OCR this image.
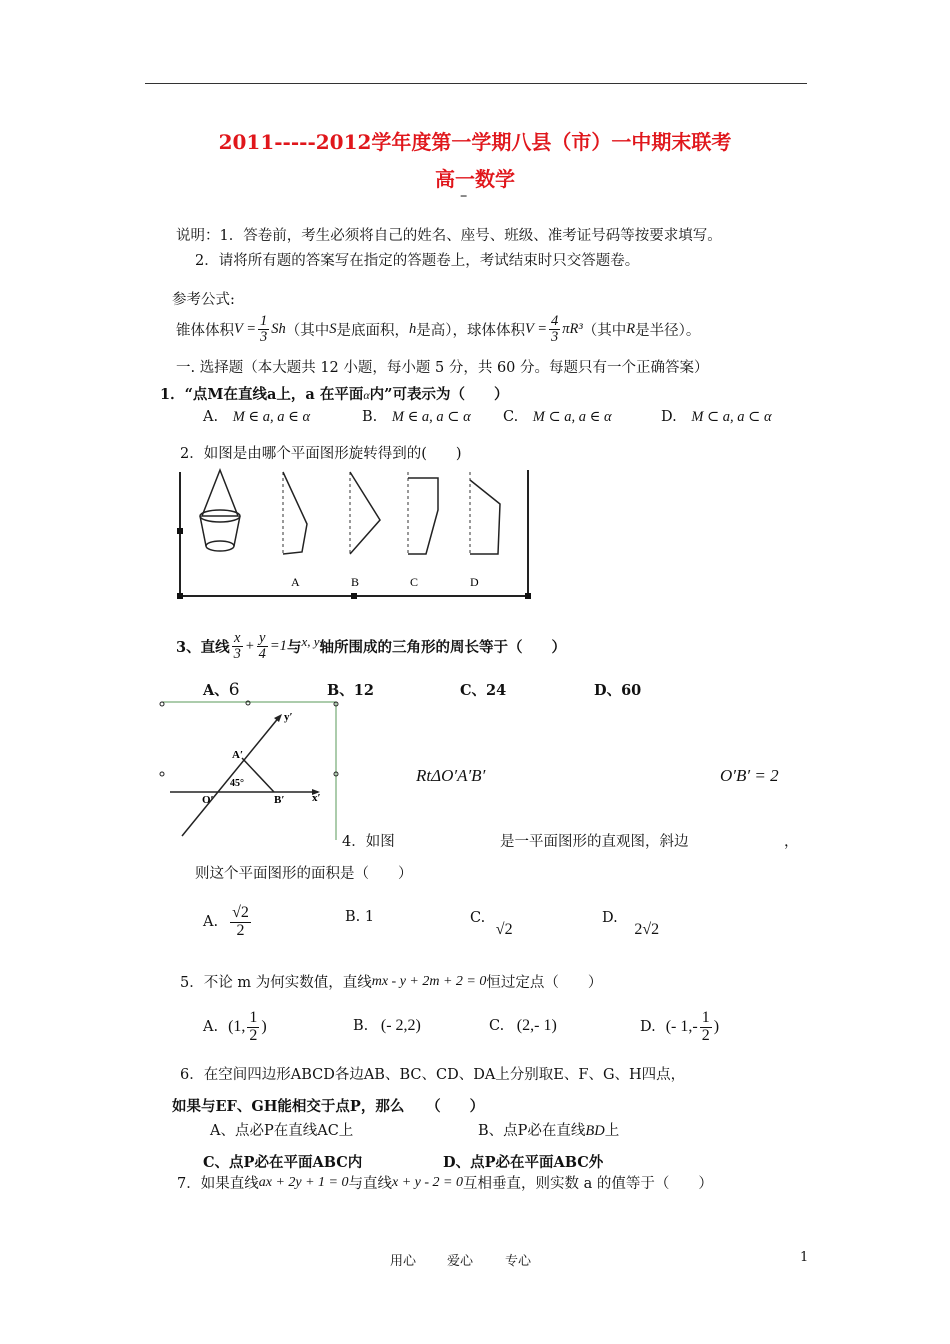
2011-----2012学年度第一学期八县（市）一中期末联考
高一数学
–
说明：1．答卷前，考生必须将自己的姓名、座号、班级、准考证号码等按要求填写。
2．请将所有题的答案写在指定的答题卷上，考试结束时只交答题卷。
参考公式:
锥体体积 $V = \frac{1}{3}$ Sh （其中 S 是底面积， h 是高），球体体积 $V = \frac{4}{3} \pi R^3$ （其中 R 是半径）。
一. 选择题（本大题共 12 小题，每小题 5 分，共 60 分。每题只有一个正确答案）
1．“点M在直线a上，a 在平面α内”可表示为（　　）
A. M ∈ a, a ∈ α	B. M ∈ a, a ⊂ α C. M ⊂ a, a ∈ α	D. M ⊂ a, a ⊂ α
2．如图是由哪个平面图形旋转得到的(　　)
A	B	C	D
3、直线 $\frac{x}{3} + \frac{y}{4} =1$ 与 x, y 轴所围成的三角形的周长等于（　　）
A、6	B、12	C、24	D、60
y′
A′
45°
O′	B′	x′
RtΔO′A′B′	O′B′ = 2
4．如图	是一平面图形的直观图，斜边	，
则这个平面图形的面积是（　　）
A. $\frac{√2}{2}$	B. 1	C. √2
D. 2√2
5．不论 m 为何实数值，直线 mx - y + 2m + 2 = 0 恒过定点（　　）
A. (1, $\frac{1}{2}$ )	B. (- 2,2)	C. (2,- 1)	D. (- $1,- \frac{1}{2}$ )
6．在空间四边形ABCD各边AB、BC、CD、DA上分别取E、F、G、H四点，
如果与EF、GH能相交于点P，那么　　（　　）
A、点必P在直线AC上	B、点P必在直线BD上
C、点P必在平面ABC内	D、点P必在平面ABC外
7．如果直线 ax + 2y + 1 = 0 与直线 x + y - 2 = 0 互相垂直，则实数 a 的值等于（　　）
用心 爱心 专心	1
